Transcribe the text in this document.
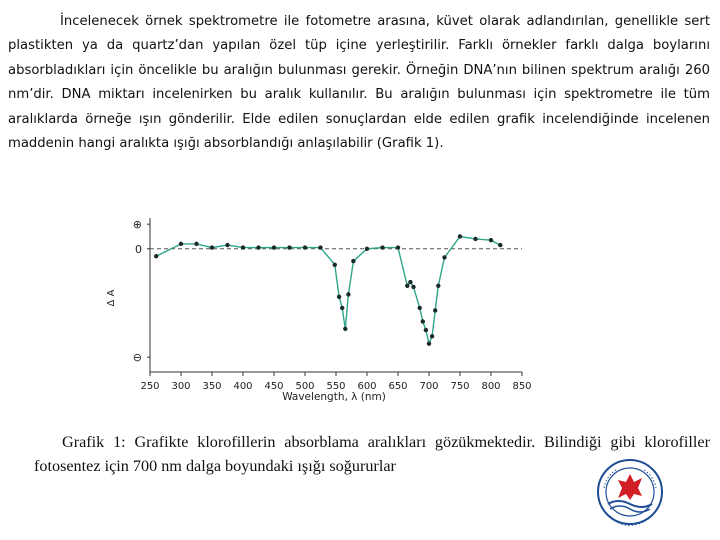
İncelenecek örnek spektrometre ile fotometre arasına, küvet olarak adlandırılan, genellikle sert plastikten ya da quartz’dan yapılan özel tüp içine yerleştirilir. Farklı örnekler farklı dalga boylarını absorbladıkları için öncelikle bu aralığın bulunması gerekir. Örneğin DNA’nın bilinen spektrum aralığı 260 nm’dir. DNA miktarı incelenirken bu aralık kullanılır. Bu aralığın bulunması için spektrometre ile tüm aralıklarda örneğe ışın gönderilir. Elde edilen sonuçlardan elde edilen grafik incelendiğinde incelenen maddenin hangi aralıkta ışığı absorblandığı anlaşılabilir (Grafik 1).

⊕
0
⊖
250 300 350 400 450 500 550 600 650 700 750 800 850
Δ A
Wavelength, λ (nm)

Grafik 1: Grafikte klorofillerin absorblama aralıkları gözükmektedir. Bilindiği gibi klorofiller fotosentez için 700 nm dalga boyundaki ışığı soğururlar
